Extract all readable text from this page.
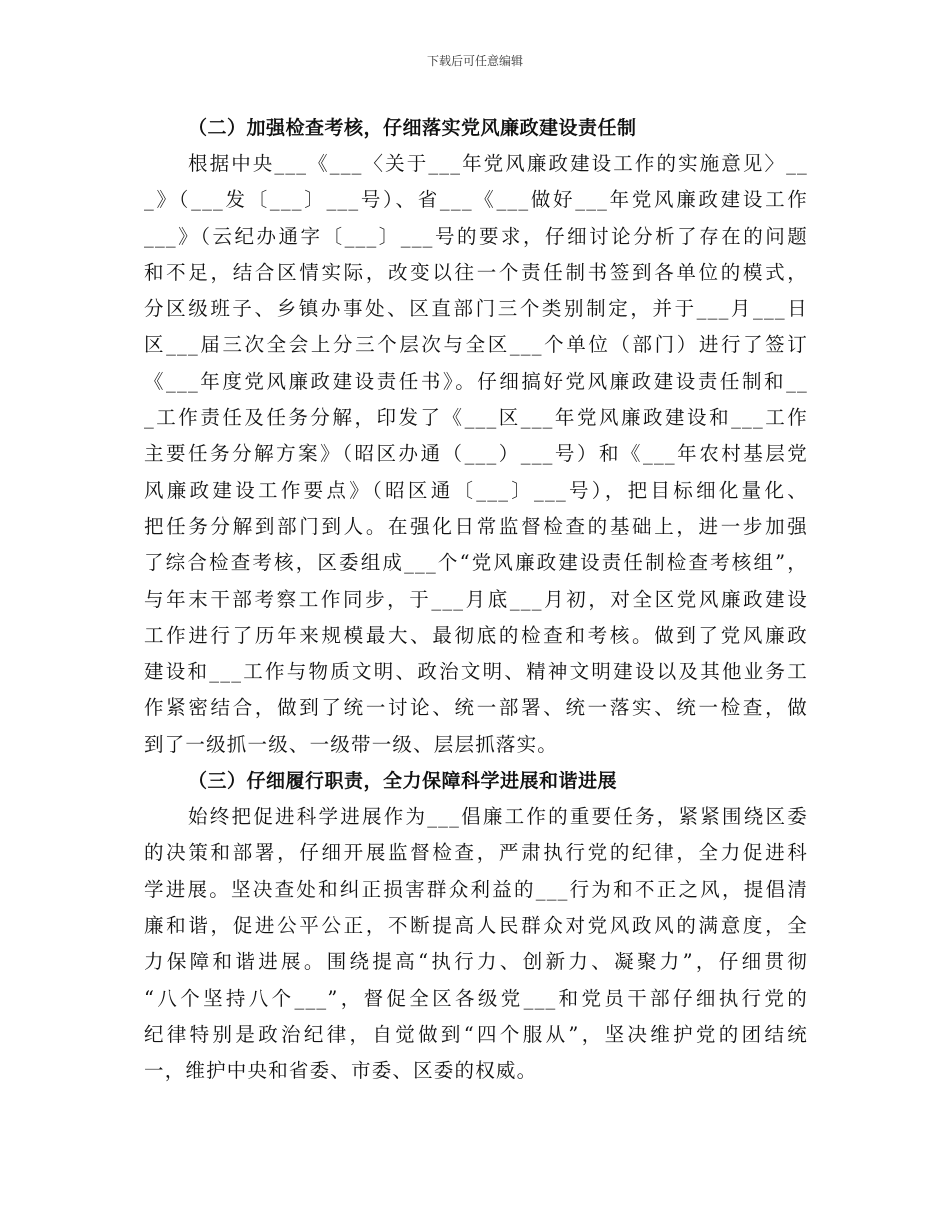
下载后可任意编辑
（二）加强检查考核，仔细落实党风廉政建设责任制
根据中央___《___〈关于___年党风廉政建设工作的实施意见〉__
_》（___发〔___〕___号）、省___《___做好___年党风廉政建设工作
___》（云纪办通字〔___〕___号的要求，仔细讨论分析了存在的问题
和不足，结合区情实际，改变以往一个责任制书签到各单位的模式，
分区级班子、乡镇办事处、区直部门三个类别制定，并于___月___日
区___届三次全会上分三个层次与全区___个单位（部门）进行了签订
《___年度党风廉政建设责任书》。仔细搞好党风廉政建设责任制和__
_工作责任及任务分解，印发了《___区___年党风廉政建设和___工作
主要任务分解方案》（昭区办通（___）___号）和《___年农村基层党
风廉政建设工作要点》（昭区通〔___〕___号），把目标细化量化、
把任务分解到部门到人。在强化日常监督检查的基础上，进一步加强
了综合检查考核，区委组成___个“党风廉政建设责任制检查考核组”，
与年末干部考察工作同步，于___月底___月初，对全区党风廉政建设
工作进行了历年来规模最大、最彻底的检查和考核。做到了党风廉政
建设和___工作与物质文明、政治文明、精神文明建设以及其他业务工
作紧密结合，做到了统一讨论、统一部署、统一落实、统一检查，做
到了一级抓一级、一级带一级、层层抓落实。
（三）仔细履行职责，全力保障科学进展和谐进展
始终把促进科学进展作为___倡廉工作的重要任务，紧紧围绕区委
的决策和部署，仔细开展监督检查，严肃执行党的纪律，全力促进科
学进展。坚决查处和纠正损害群众利益的___行为和不正之风，提倡清
廉和谐，促进公平公正，不断提高人民群众对党风政风的满意度，全
力保障和谐进展。围绕提高“执行力、创新力、凝聚力”，仔细贯彻
“八个坚持八个___”，督促全区各级党___和党员干部仔细执行党的
纪律特别是政治纪律，自觉做到“四个服从”，坚决维护党的团结统
一，维护中央和省委、市委、区委的权威。
